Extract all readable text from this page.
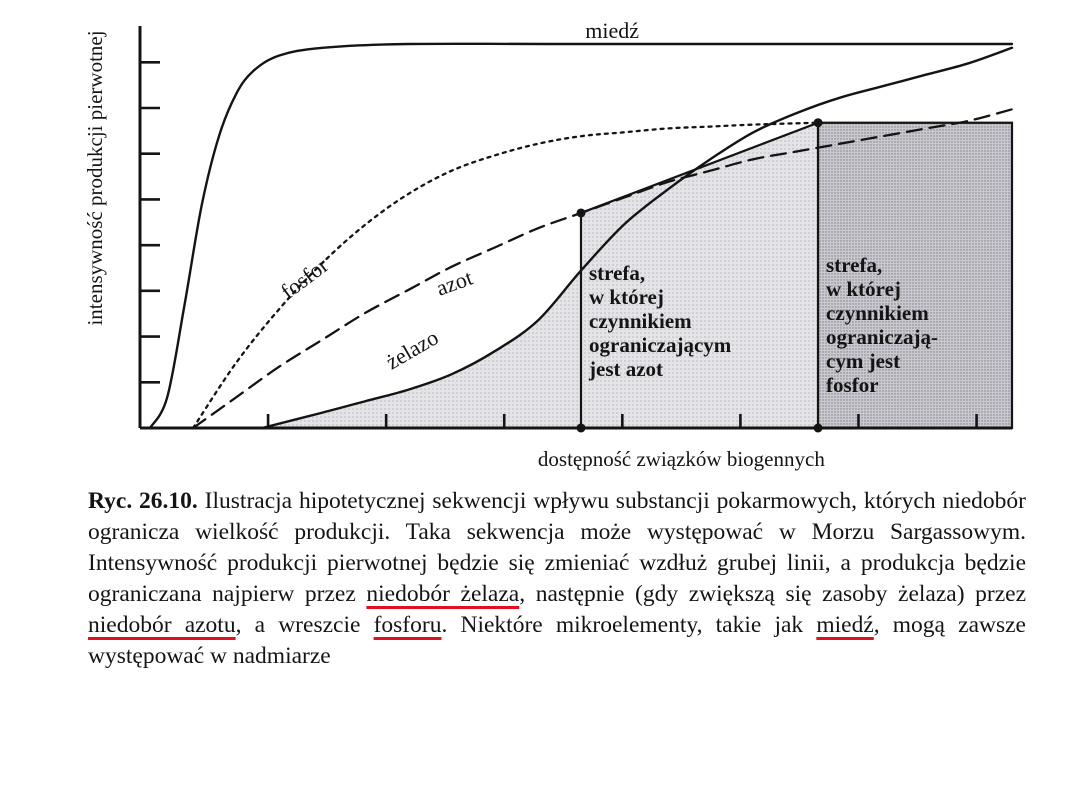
dostępność związków biogennych
intensywność produkcji pierwotnej	miedź
fosfor	azot
żelazo
strefa,
w której
czynnikiem
ograniczającym
jest azot
strefa,
w której
czynnikiem
ograniczają-
cym jest
fosfor

Ryc. 26.10. Ilustracja hipotetycznej sekwencji wpływu substancji pokarmowych, których niedobór ogranicza wielkość produkcji. Taka sekwencja może występować w Morzu Sargassowym. Intensywność produkcji pierwotnej będzie się zmieniać wzdłuż grubej linii, a produkcja będzie ograniczana najpierw przez niedobór żelaza, następnie (gdy zwiększą się zasoby żelaza) przez niedobór azotu, a wreszcie fosforu. Niektóre mikroelementy, takie jak miedź, mogą zawsze występować w nadmiarze
